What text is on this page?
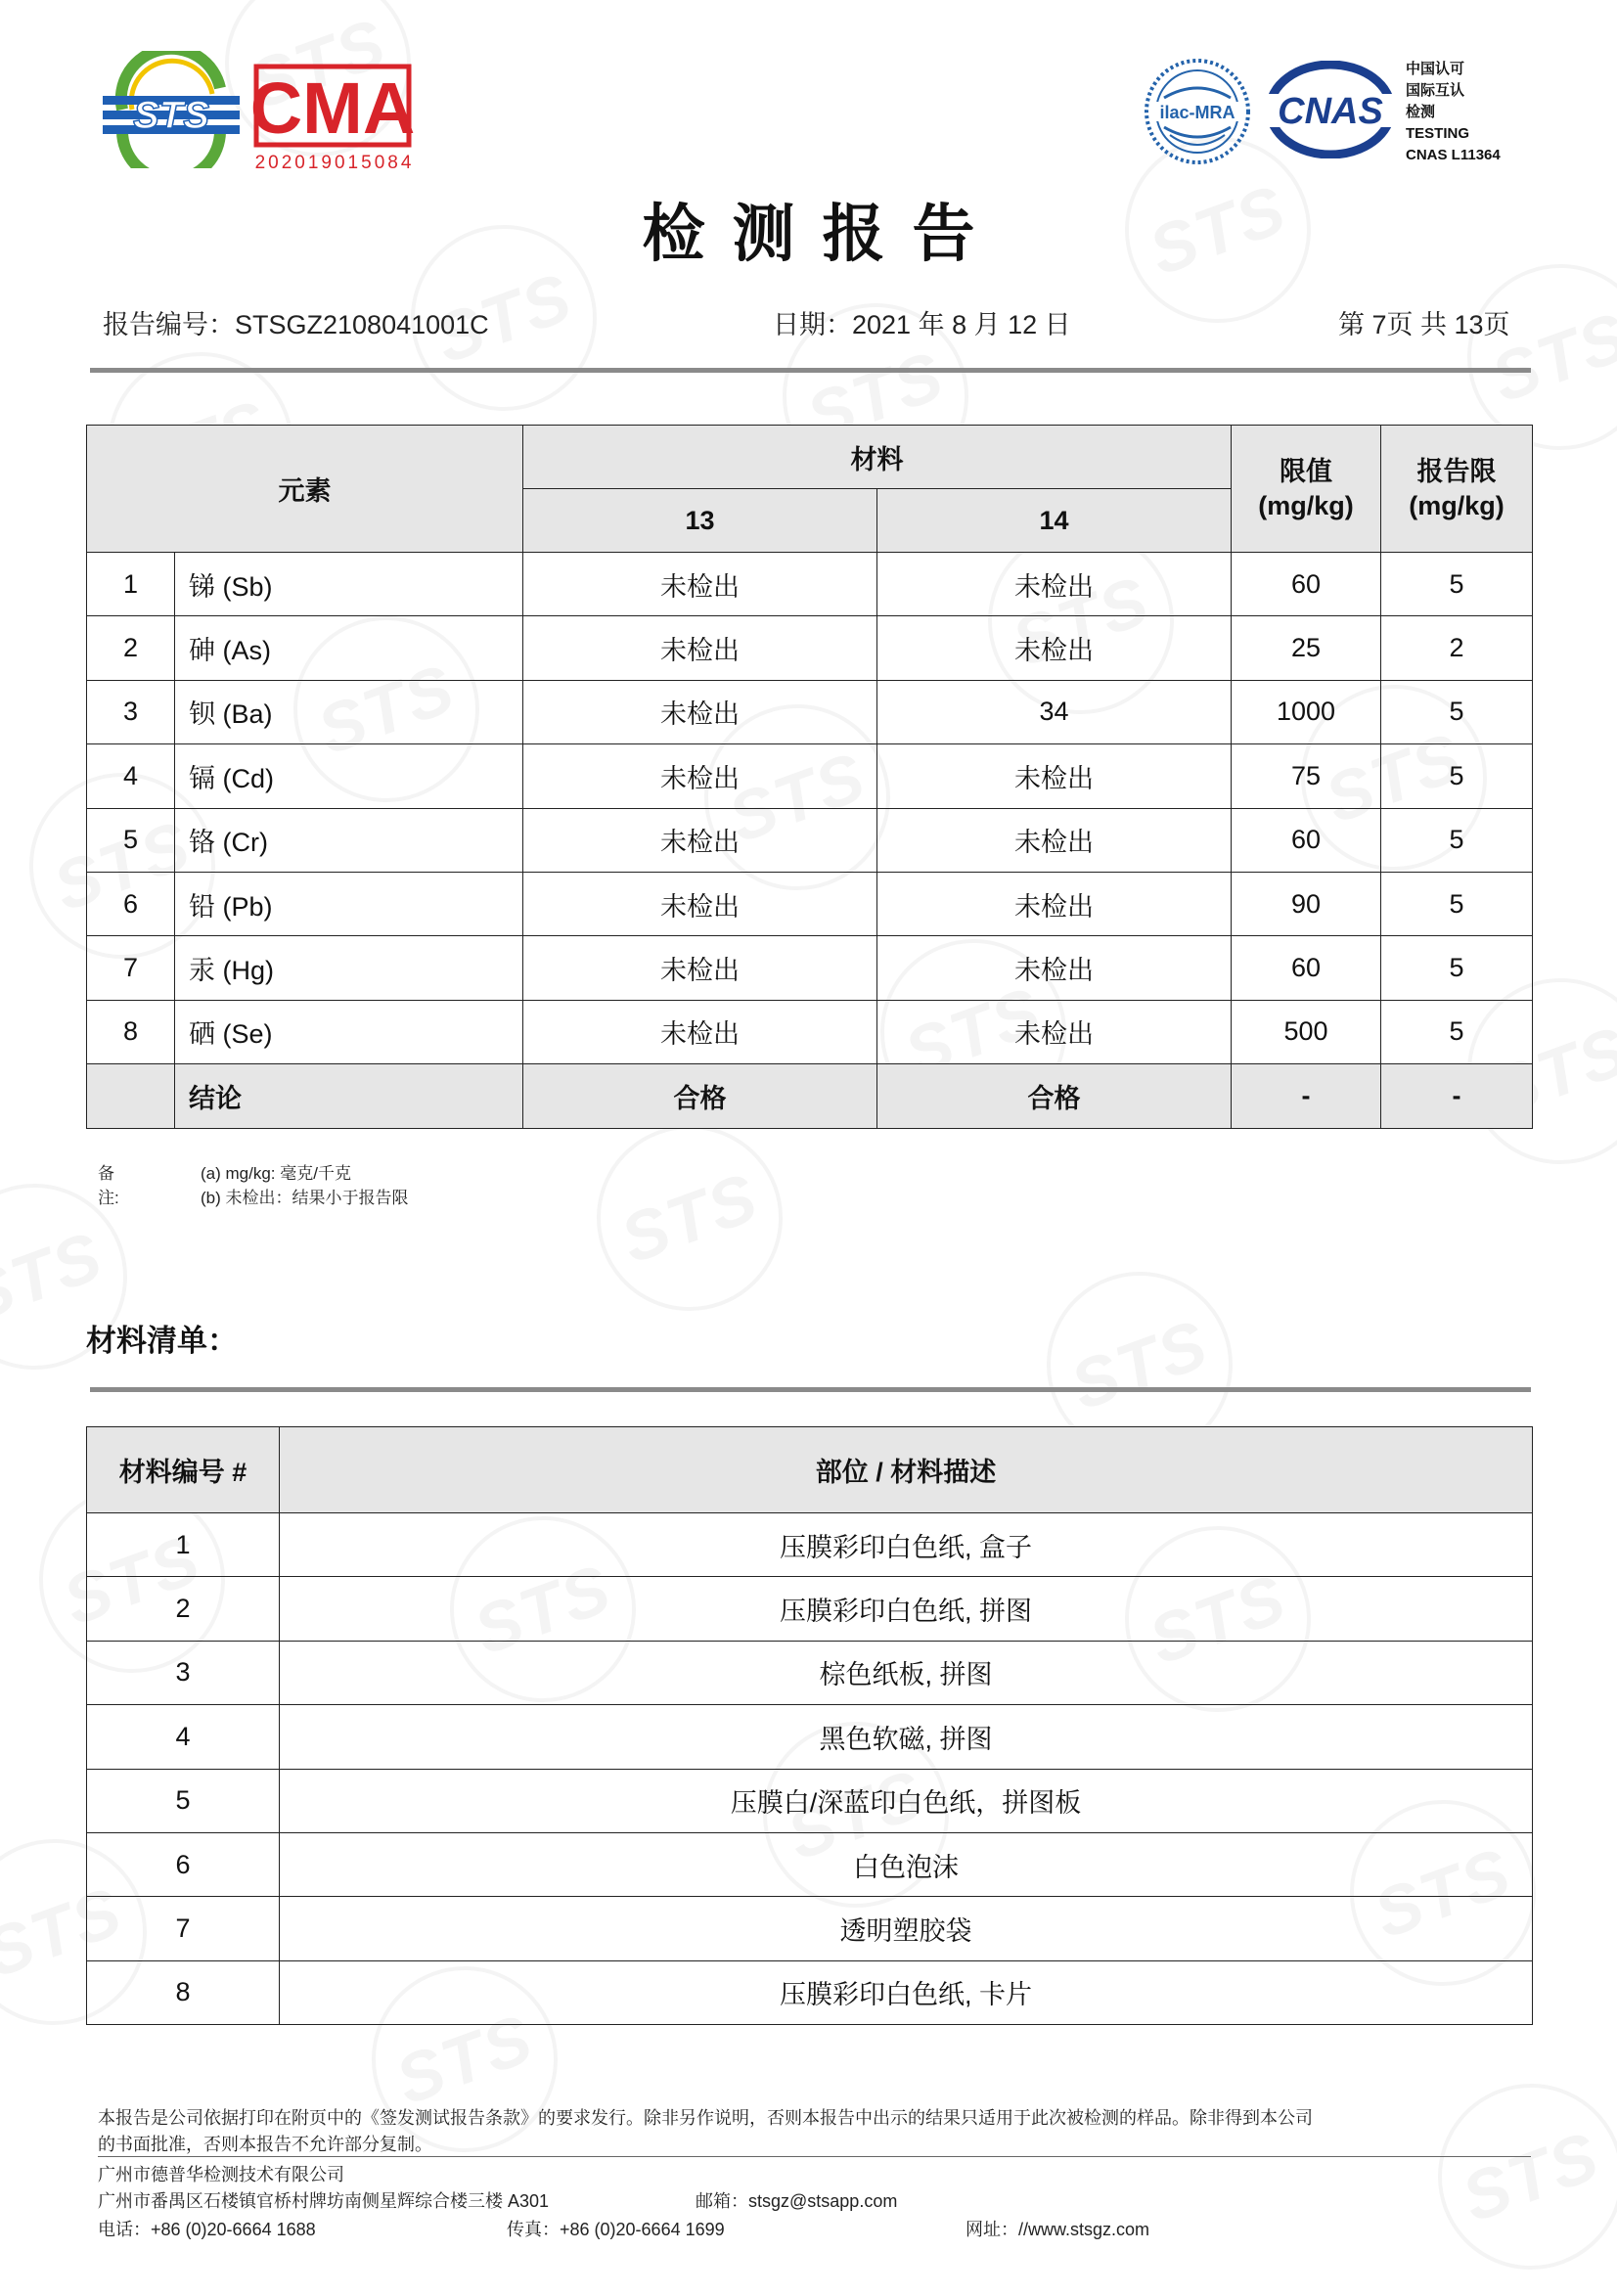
STS CMA
202019015084
ilac-MRA CNAS
中国认可
国际互认
检测
TESTING
CNAS L11364
检测报告
报告编号：STSGZ2108041001C	日期：2021 年 8 月 12 日	第 7页 共 13页
元素		材料		限值
(mg/kg)	报告限
(mg/kg)
		13	14		
1	锑 (Sb)	未检出	未检出	60	5
2	砷 (As)	未检出	未检出	25	2
3	钡 (Ba)	未检出	34	1000	5
4	镉 (Cd)	未检出	未检出	75	5
5	铬 (Cr)	未检出	未检出	60	5
6	铅 (Pb)	未检出	未检出	90	5
7	汞 (Hg)	未检出	未检出	60	5
8	硒 (Se)	未检出	未检出	500	5
	结论	合格	合格	-	-
备注:
(a) mg/kg: 毫克/千克
(b) 未检出：结果小于报告限
材料清单：
材料编号 #	部位 / 材料描述
1	压膜彩印白色纸, 盒子
2	压膜彩印白色纸, 拼图
3	棕色纸板, 拼图
4	黑色软磁, 拼图
5	压膜白/深蓝印白色纸，拼图板
6	白色泡沫
7	透明塑胶袋
8	压膜彩印白色纸, 卡片
本报告是公司依据打印在附页中的《签发测试报告条款》的要求发行。除非另作说明，否则本报告中出示的结果只适用于此次被检测的样品。除非得到本公司
的书面批准，否则本报告不允许部分复制。
广州市德普华检测技术有限公司
广州市番禺区石楼镇官桥村牌坊南侧星辉综合楼三楼 A301	邮箱：stsgz@stsapp.com
电话：+86 (0)20-6664 1688	传真：+86 (0)20-6664 1699	网址：//www.stsgz.com
